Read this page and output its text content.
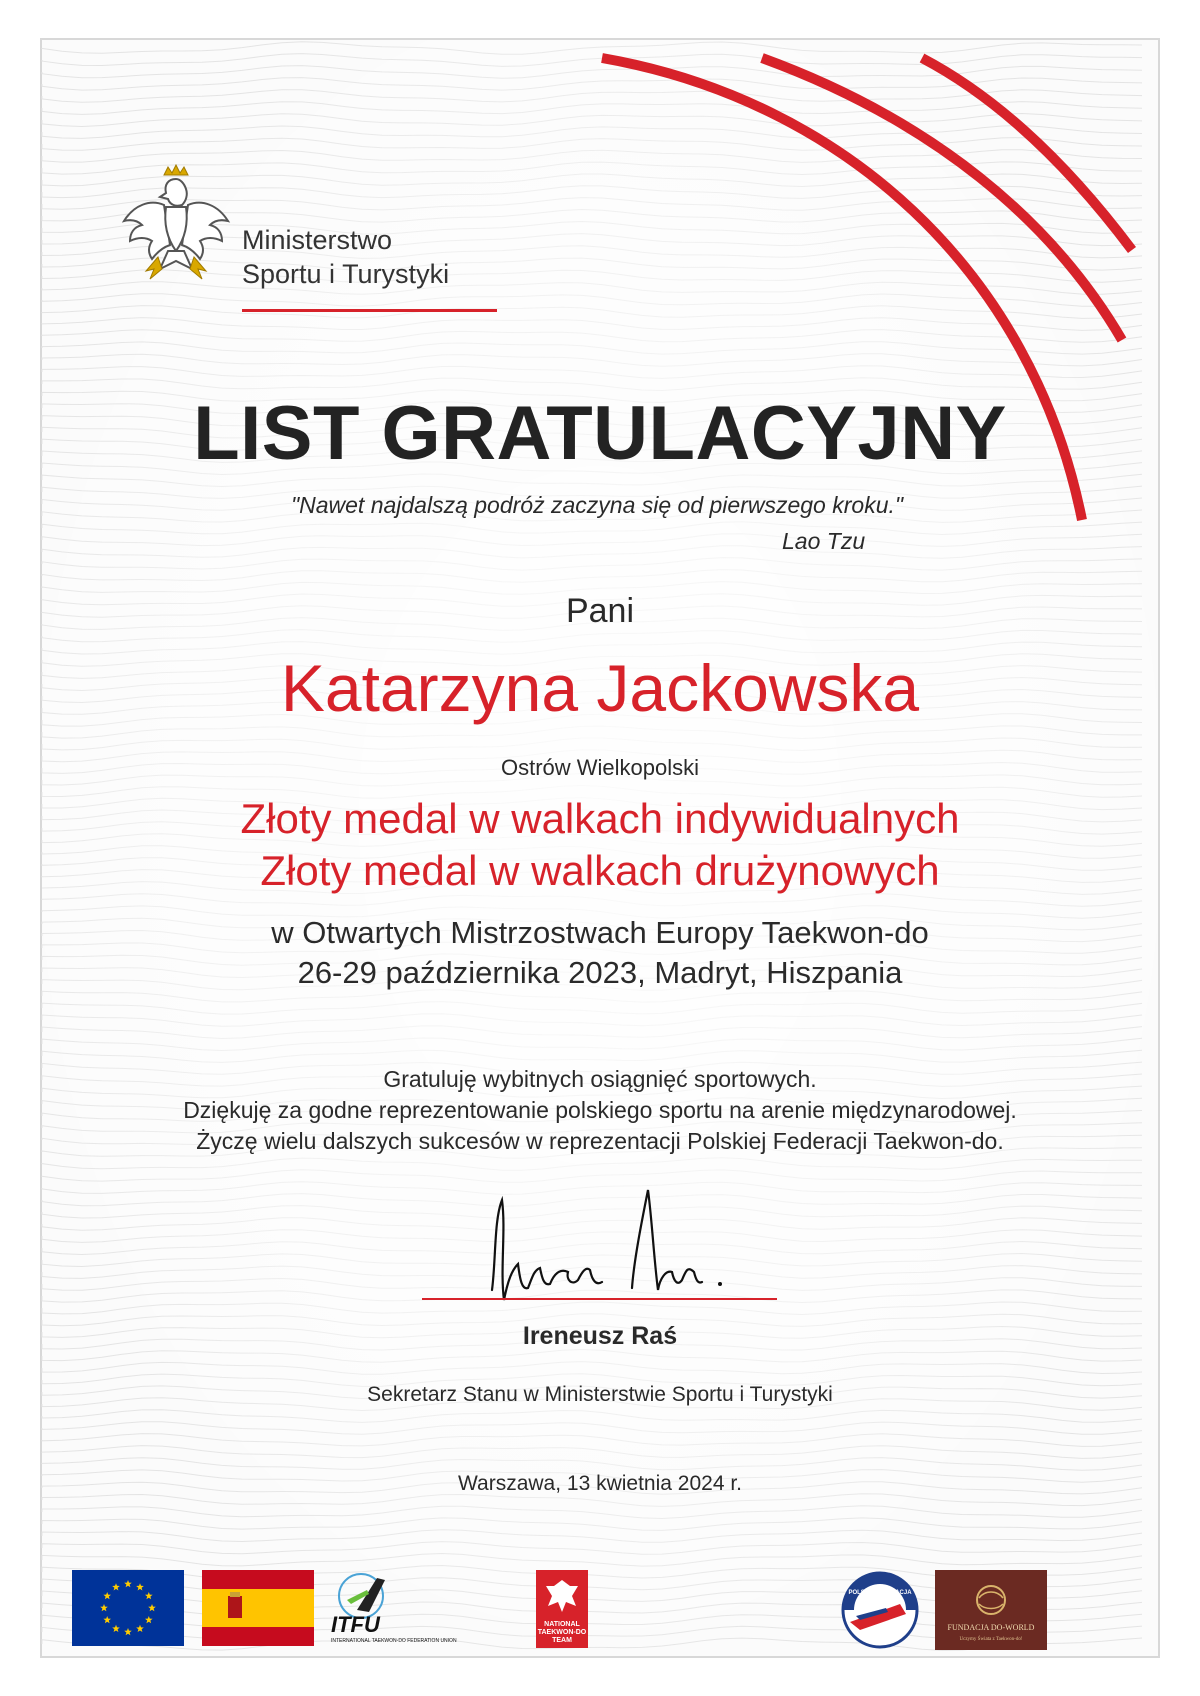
Ministerstwo
Sportu i Turystyki
LIST GRATULACYJNY
"Nawet najdalszą podróż zaczyna się od pierwszego kroku."
Lao Tzu
Pani
Katarzyna Jackowska
Ostrów Wielkopolski
Złoty medal w walkach indywidualnych
Złoty medal w walkach drużynowych
w Otwartych Mistrzostwach Europy Taekwon-do
26-29 października 2023, Madryt, Hiszpania
Gratuluję wybitnych osiągnięć sportowych.
Dziękuję za godne reprezentowanie polskiego sportu na arenie międzynarodowej.
Życzę wielu dalszych sukcesów w reprezentacji Polskiej Federacji Taekwon-do.
Ireneusz Raś
Sekretarz Stanu w Ministerstwie Sportu i Turystyki
Warszawa, 13 kwietnia 2024 r.
ITFU
INTERNATIONAL TAEKWON-DO FEDERATION UNION
NATIONAL
TAEKWON-DO
TEAM
POLSKA FEDERACJA
FUNDACJA DO-WORLD
Uczymy Świata z Taekwon-do!
